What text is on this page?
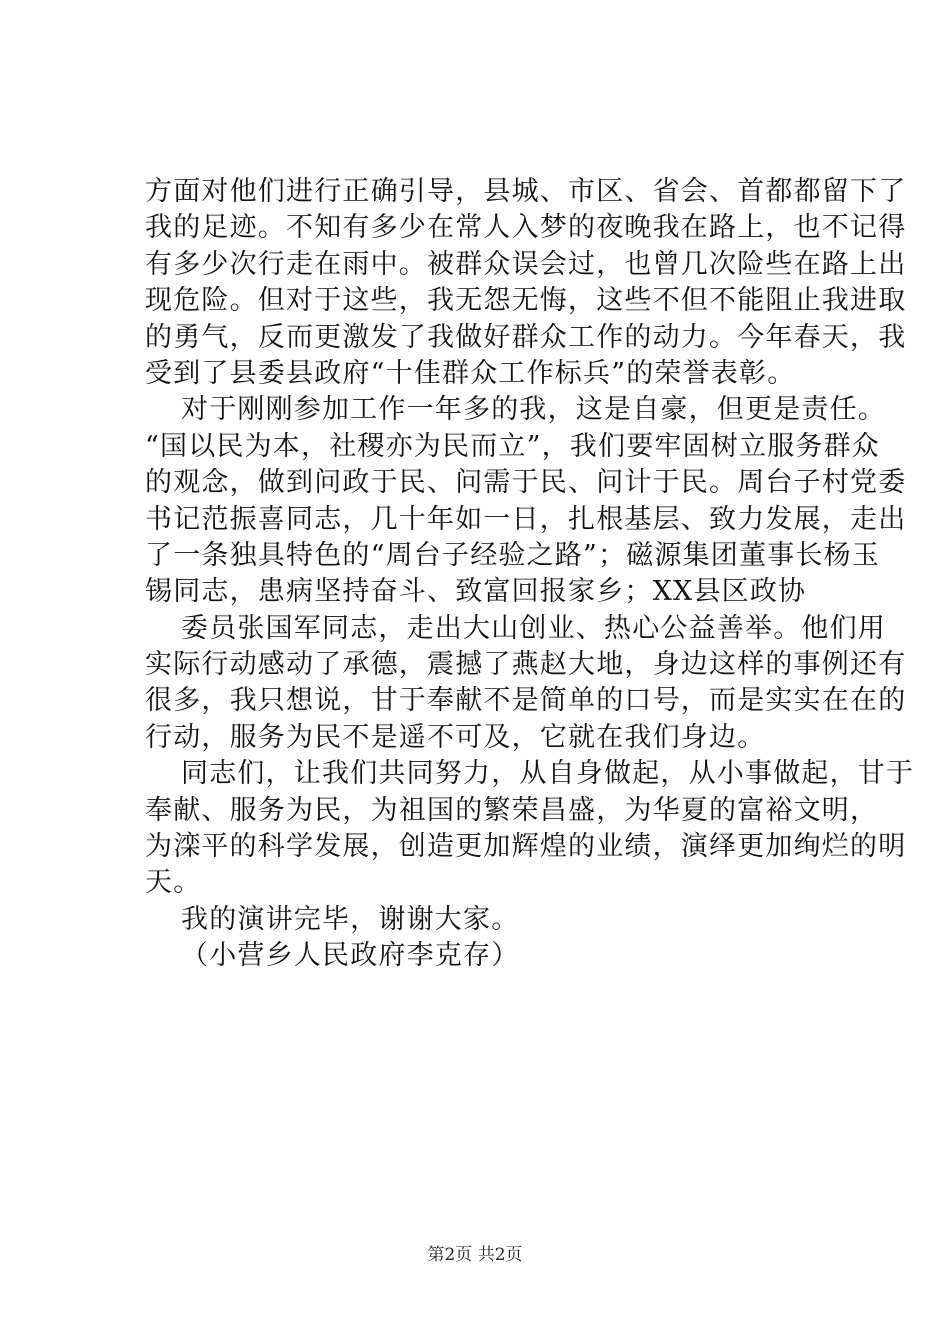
方面对他们进行正确引导，县城、市区、省会、首都都留下了
我的足迹。不知有多少在常人入梦的夜晚我在路上，也不记得
有多少次行走在雨中。被群众误会过，也曾几次险些在路上出
现危险。但对于这些，我无怨无悔，这些不但不能阻止我进取
的勇气，反而更激发了我做好群众工作的动力。今年春天，我
受到了县委县政府“十佳群众工作标兵”的荣誉表彰。
对于刚刚参加工作一年多的我，这是自豪，但更是责任。
“国以民为本，社稷亦为民而立”，我们要牢固树立服务群众
的观念，做到问政于民、问需于民、问计于民。周台子村党委
书记范振喜同志，几十年如一日，扎根基层、致力发展，走出
了一条独具特色的“周台子经验之路”；磁源集团董事长杨玉
锡同志，患病坚持奋斗、致富回报家乡；XX县区政协
委员张国军同志，走出大山创业、热心公益善举。他们用
实际行动感动了承德，震撼了燕赵大地，身边这样的事例还有
很多，我只想说，甘于奉献不是简单的口号，而是实实在在的
行动，服务为民不是遥不可及，它就在我们身边。
同志们，让我们共同努力，从自身做起，从小事做起，甘于
奉献、服务为民，为祖国的繁荣昌盛，为华夏的富裕文明，
为滦平的科学发展，创造更加辉煌的业绩，演绎更加绚烂的明
天。
我的演讲完毕，谢谢大家。
（小营乡人民政府李克存）
第2页 共2页
